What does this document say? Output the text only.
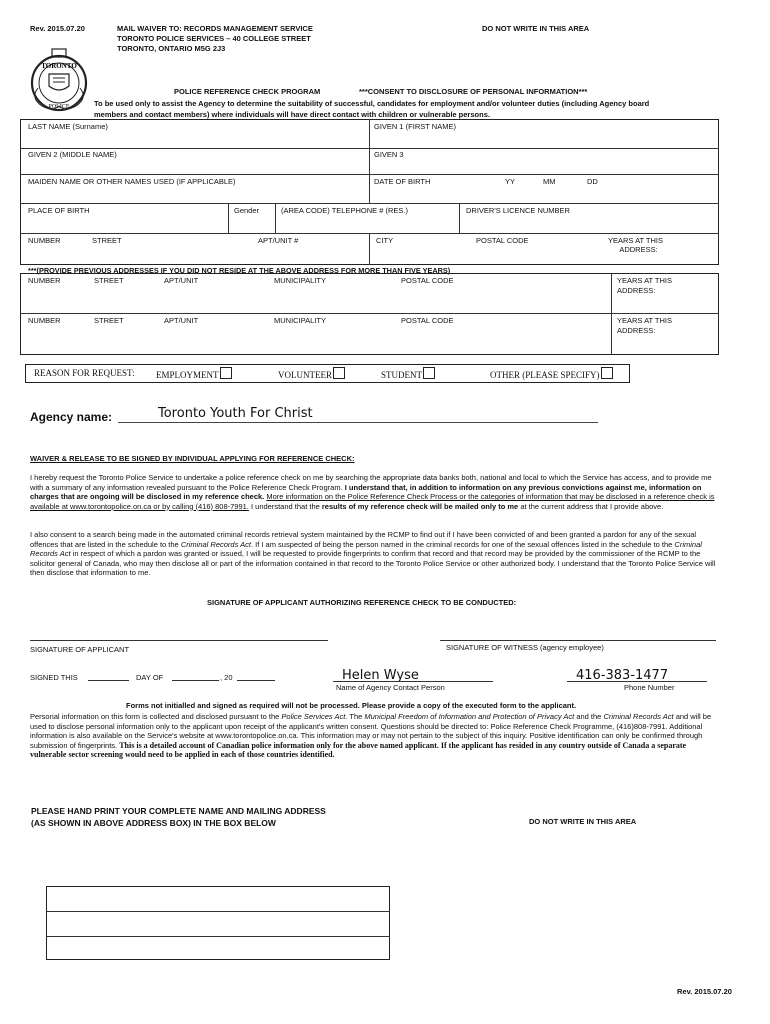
Rev. 2015.07.20	MAIL WAIVER TO: RECORDS MANAGEMENT SERVICE
TORONTO POLICE SERVICES – 40 COLLEGE STREET
TORONTO, ONTARIO M5G 2J3
DO NOT WRITE IN THIS AREA
TORONTO
POLICE
POLICE REFERENCE CHECK PROGRAM	***CONSENT TO DISCLOSURE OF PERSONAL INFORMATION***
To be used only to assist the Agency to determine the suitability of successful, candidates for employment and/or volunteer duties (including Agency board
members and contact members) where individuals will have direct contact with children or vulnerable persons.
LAST NAME (Surname)	GIVEN 1 (FIRST NAME)
GIVEN 2 (MIDDLE NAME)	GIVEN 3
MAIDEN NAME OR OTHER NAMES USED (IF APPLICABLE)	DATE OF BIRTH	YY	MM	DD
PLACE OF BIRTH	Gender	(AREA CODE) TELEPHONE # (RES.)	DRIVER'S LICENCE NUMBER
NUMBER	STREET	APT/UNIT #	CITY	POSTAL CODE	YEARS AT THIS
ADDRESS:
***(PROVIDE PREVIOUS ADDRESSES IF YOU DID NOT RESIDE AT THE ABOVE ADDRESS FOR MORE THAN FIVE YEARS)
NUMBER	STREET	APT/UNIT	MUNICIPALITY	POSTAL CODE	YEARS AT THIS
ADDRESS:
NUMBER	STREET	APT/UNIT	MUNICIPALITY	POSTAL CODE	YEARS AT THIS
ADDRESS:
REASON FOR REQUEST: EMPLOYMENT	VOLUNTEER	STUDENT	OTHER (PLEASE SPECIFY)
Agency name:	Toronto Youth For Christ
WAIVER & RELEASE TO BE SIGNED BY INDIVIDUAL APPLYING FOR REFERENCE CHECK:
I hereby request the Toronto Police Service to undertake a police reference check on me by searching the appropriate data banks both, national and local to which the Service has access, and to provide me with a summary of any information revealed pursuant to the Police Reference Check Program. I understand that, in addition to information on any previous convictions against me, information on charges that are ongoing will be disclosed in my reference check. More information on the Police Reference Check Process or the categories of information that may be disclosed in a reference check is available at www.torontopolice.on.ca or by calling (416) 808-7991. I understand that the results of my reference check will be mailed only to me at the current address that I provide above.
I also consent to a search being made in the automated criminal records retrieval system maintained by the RCMP to find out if I have been convicted of and been granted a pardon for any of the sexual offences that are listed in the schedule to the Criminal Records Act. If I am suspected of being the person named in the criminal records for one of the sexual offences listed in the schedule to the Criminal Records Act in respect of which a pardon was granted or issued, I will be requested to provide fingerprints to confirm that record and that record may be provided by the commissioner of the RCMP to the solicitor general of Canada, who may then disclose all or part of the information contained in that record to the Toronto Police Service or other authorized body. I understand that the Toronto Police Service will then disclose that information to me.
SIGNATURE OF APPLICANT AUTHORIZING REFERENCE CHECK TO BE CONDUCTED:
SIGNATURE OF APPLICANT	SIGNATURE OF WITNESS (agency employee)
SIGNED THIS	DAY OF	, 20	Helen Wyse
Name of Agency Contact Person
416-383-1477
Phone Number
Forms not initialled and signed as required will not be processed. Please provide a copy of the executed form to the applicant.
Personal information on this form is collected and disclosed pursuant to the Police Services Act. The Municipal Freedom of Information and Protection of Privacy Act and the Criminal Records Act and will be used to disclose personal information only to the applicant upon receipt of the applicant's written consent. Questions should be directed to: Police Reference Check Programme, (416)808-7991. Additional information is also available on the Service's website at www.torontopolice.on.ca. This information may or may not pertain to the subject of this inquiry. Positive identification can only be confirmed through submission of fingerprints. This is a detailed account of Canadian police information only for the above named applicant. If the applicant has resided in any country outside of Canada a separate vulnerable sector screening would need to be applied in each of those countries identified.
PLEASE HAND PRINT YOUR COMPLETE NAME AND MAILING ADDRESS
(AS SHOWN IN ABOVE ADDRESS BOX) IN THE BOX BELOW	DO NOT WRITE IN THIS AREA
Rev. 2015.07.20
